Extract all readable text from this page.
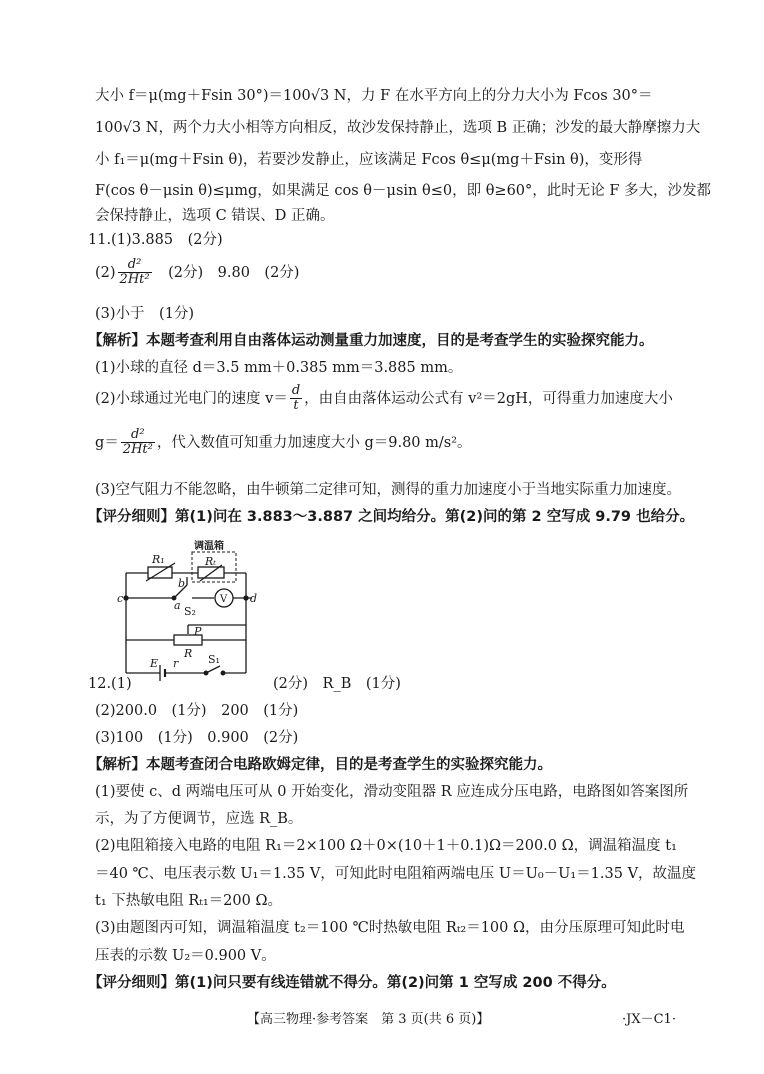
大小 f＝μ(mg＋Fsin 30°)＝100√3 N，力 F 在水平方向上的分力大小为 Fcos 30°＝
100√3 N，两个力大小相等方向相反，故沙发保持静止，选项 B 正确；沙发的最大静摩擦力大
小 f₁＝μ(mg＋Fsin θ)，若要沙发静止，应该满足 Fcos θ≤μ(mg＋Fsin θ)，变形得
F(cos θ－μsin θ)≤μmg，如果满足 cos θ－μsin θ≤0，即 θ≥60°，此时无论 F 多大，沙发都
会保持静止，选项 C 错误、D 正确。
11.(1)3.885　(2分)
$(2) \frac{\text{d²}}{\text{2Ht²}}$ 　(2分)　9.80　(2分)
(3)小于　(1分)
【解析】本题考查利用自由落体运动测量重力加速度，目的是考查学生的实验探究能力。
(1)小球的直径 d＝3.5 mm＋0.385 mm＝3.885 mm。
(2)小球通过光电门的速度 $v= \frac{d}{t}$ ，由自由落体运动公式有 v²＝2gH，可得重力加速度大小
$g= \frac{\text{d²}}{\text{2Ht²}}$ ，代入数值可知重力加速度大小 g＝9.80 m/s²。
(3)空气阻力不能忽略，由牛顿第二定律可知，测得的重力加速度小于当地实际重力加速度。
【评分细则】第(1)问在 3.883～3.887 之间均给分。第(2)问的第 2 空写成 9.79 也给分。
R₁	Rₜ
调温箱
b
c
a S₂
V d
P
R
E r	S₁
12.(1)	(2分)　R_B　(1分)
(2)200.0　(1分)　200　(1分)
(3)100　(1分)　0.900　(2分)
【解析】本题考查闭合电路欧姆定律，目的是考查学生的实验探究能力。
(1)要使 c、d 两端电压可从 0 开始变化，滑动变阻器 R 应连成分压电路，电路图如答案图所
示，为了方便调节，应选 R_B。
(2)电阻箱接入电路的电阻 R₁＝2×100 Ω＋0×(10＋1＋0.1)Ω＝200.0 Ω，调温箱温度 t₁
＝40 ℃、电压表示数 U₁＝1.35 V，可知此时电阻箱两端电压 U＝U₀－U₁＝1.35 V，故温度
t₁ 下热敏电阻 Rₜ₁＝200 Ω。
(3)由题图丙可知，调温箱温度 t₂＝100 ℃时热敏电阻 Rₜ₂＝100 Ω，由分压原理可知此时电
压表的示数 U₂＝0.900 V。
【评分细则】第(1)问只要有线连错就不得分。第(2)问第 1 空写成 200 不得分。
【高三物理·参考答案　第 3 页(共 6 页)】	·JX－C1·
